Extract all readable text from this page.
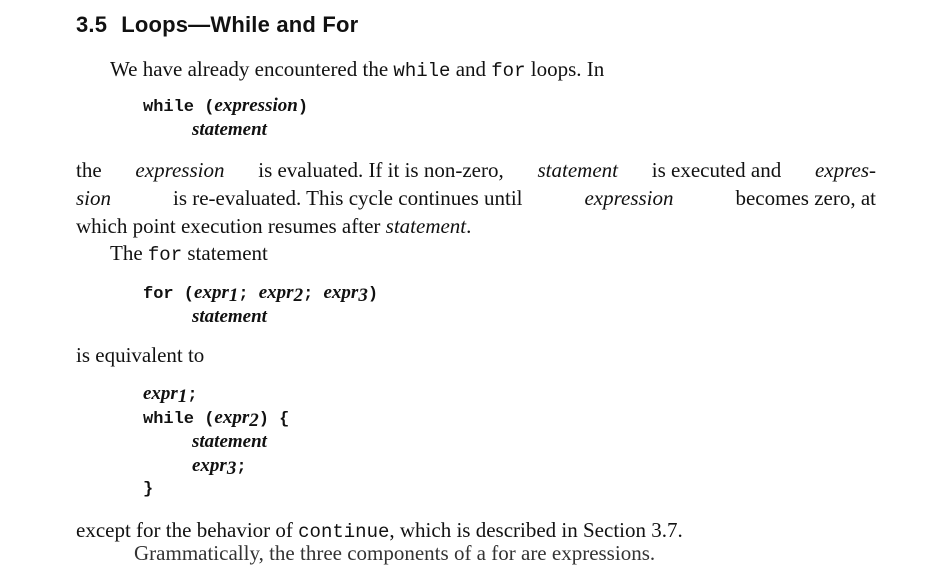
3.5 Loops—While and For
We have already encountered the while and for loops. In
while (expression)
statement
the expression is evaluated. If it is non-zero, statement is executed and expres-
sion	is re-evaluated. This cycle continues until	expression	becomes zero, at
which point execution resumes after statement .
The for statement
for (expr$_1$; expr$_2$; expr$_3$)
statement
is equivalent to
expr$_1$;
while (expr$_2$) {
statement
expr$_3$;
}
except for the behavior of continue, which is described in Section 3.7.
Grammatically, the three components of a for are expressions.
